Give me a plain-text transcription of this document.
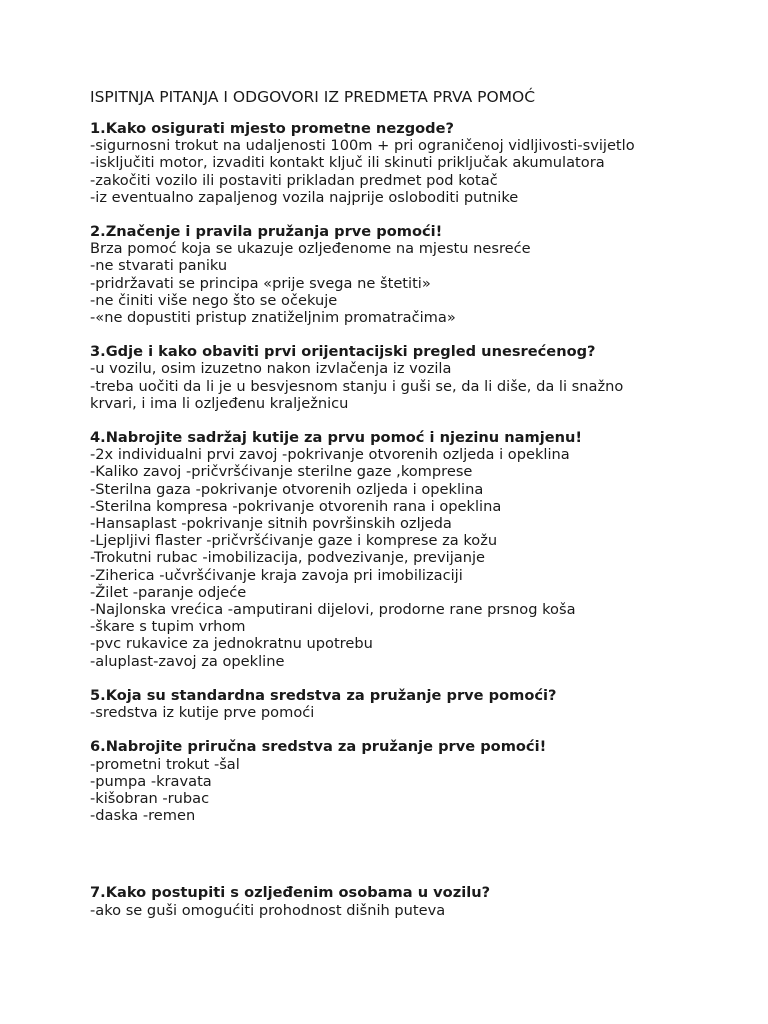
ISPITNJA PITANJA I ODGOVORI IZ PREDMETA PRVA POMOĆ

1.Kako osigurati mjesto prometne nezgode?

-sigurnosni trokut na udaljenosti 100m + pri ograničenoj vidljivosti-svijetlo

-isključiti motor, izvaditi kontakt ključ ili skinuti priključak akumulatora

-zakočiti vozilo ili postaviti prikladan predmet pod kotač

-iz eventualno zapaljenog vozila najprije osloboditi putnike

2.Značenje i pravila pružanja prve pomoći!

Brza pomoć koja se ukazuje ozljeđenome na mjestu nesreće

-ne stvarati paniku

-pridržavati se principa «prije svega ne štetiti»

-ne činiti više nego što se očekuje

-«ne dopustiti pristup znatiželjnim promatračima»

3.Gdje i kako obaviti prvi orijentacijski pregled unesrećenog?

-u vozilu, osim izuzetno nakon izvlačenja iz vozila

-treba uočiti da li je u besvjesnom stanju i guši se, da li diše, da li snažno

krvari, i ima li ozljeđenu kralježnicu

4.Nabrojite sadržaj kutije za prvu pomoć i njezinu namjenu!

-2x individualni prvi zavoj -pokrivanje otvorenih ozljeda i opeklina

-Kaliko zavoj -pričvršćivanje sterilne gaze ,komprese

-Sterilna gaza -pokrivanje otvorenih ozljeda i opeklina

-Sterilna kompresa -pokrivanje otvorenih rana i opeklina

-Hansaplast -pokrivanje sitnih površinskih ozljeda

-Ljepljivi flaster -pričvršćivanje gaze i komprese za kožu

-Trokutni rubac -imobilizacija, podvezivanje, previjanje

-Ziherica -učvršćivanje kraja zavoja pri imobilizaciji

-Žilet -paranje odjeće

-Najlonska vrećica -amputirani dijelovi, prodorne rane prsnog koša

-škare s tupim vrhom

-pvc rukavice za jednokratnu upotrebu

-aluplast-zavoj za opekline

5.Koja su standardna sredstva za pružanje prve pomoći?

-sredstva iz kutije prve pomoći

6.Nabrojite priručna sredstva za pružanje prve pomoći!

-prometni trokut -šal

-pumpa -kravata

-kišobran -rubac

-daska -remen

7.Kako postupiti s ozljeđenim osobama u vozilu?

-ako se guši omogućiti prohodnost dišnih puteva
